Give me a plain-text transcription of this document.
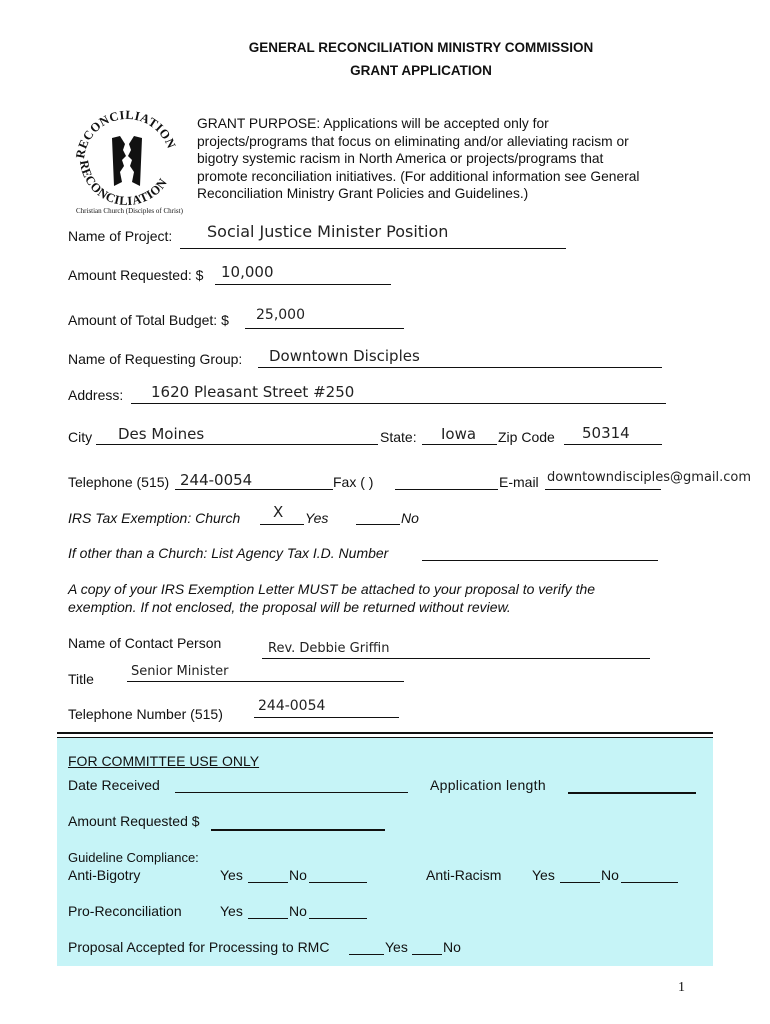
GENERAL RECONCILIATION MINISTRY COMMISSION
GRANT APPLICATION
RECONCILIATION
RECONCILIATION
Christian Church (Disciples of Christ)
GRANT PURPOSE: Applications will be accepted only for
projects/programs that focus on eliminating and/or alleviating racism or
bigotry systemic racism in North America or projects/programs that
promote reconciliation initiatives. (For additional information see General
Reconciliation Ministry Grant Policies and Guidelines.)
Name of Project: Social Justice Minister Position
Amount Requested: $ 10,000
Amount of Total Budget: $ 25,000
Name of Requesting Group: Downtown Disciples
Address: 1620 Pleasant Street #250
City Des Moines	State: Iowa Zip Code 50314
Telephone (515) 244-0054	Fax ( )	E-mail downtowndisciples@gmail.com
IRS Tax Exemption: Church X Yes	No
If other than a Church: List Agency Tax I.D. Number
A copy of your IRS Exemption Letter MUST be attached to your proposal to verify the
exemption. If not enclosed, the proposal will be returned without review.
Name of Contact Person	Rev. Debbie Griffin
Title	Senior Minister
Telephone Number (515)	244-0054
FOR COMMITTEE USE ONLY
Date Received	Application length
Amount Requested $
Guideline Compliance:
Anti-Bigotry	Yes	No	Anti-Racism Yes	No
Pro-Reconciliation	Yes	No
Proposal Accepted for Processing to RMC	Yes	No
1
